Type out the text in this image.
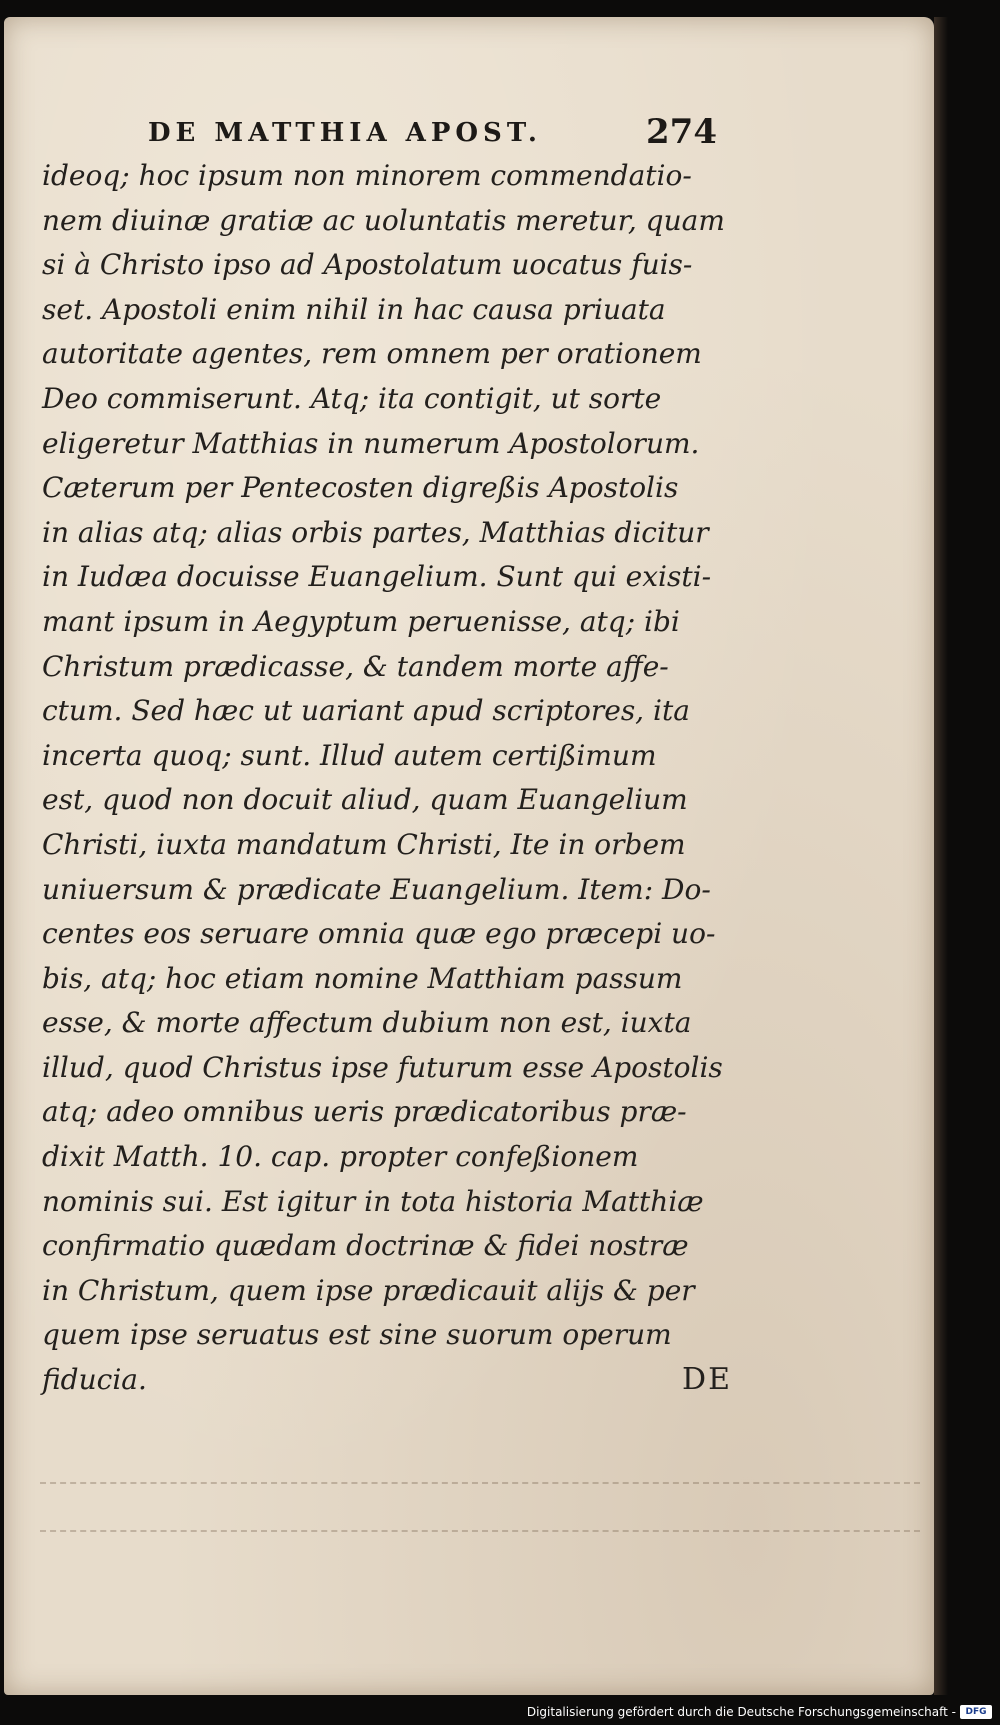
DE MATTHIA APOST.	274
ideoq; hoc ipsum non minorem commendatio-
nem diuinæ gratiæ ac uoluntatis meretur, quam
si à Christo ipso ad Apostolatum uocatus fuis-
set. Apostoli enim nihil in hac causa priuata
autoritate agentes, rem omnem per orationem
Deo commiserunt. Atq; ita contigit, ut sorte
eligeretur Matthias in numerum Apostolorum.
Cæterum per Pentecosten digreßis Apostolis
in alias atq; alias orbis partes, Matthias dicitur
in Iudæa docuisse Euangelium. Sunt qui existi-
mant ipsum in Aegyptum peruenisse, atq; ibi
Christum prædicasse, & tandem morte affe-
ctum. Sed hæc ut uariant apud scriptores, ita
incerta quoq; sunt. Illud autem certißimum
est, quod non docuit aliud, quam Euangelium
Christi, iuxta mandatum Christi, Ite in orbem
uniuersum & prædicate Euangelium. Item: Do-
centes eos seruare omnia quæ ego præcepi uo-
bis, atq; hoc etiam nomine Matthiam passum
esse, & morte affectum dubium non est, iuxta
illud, quod Christus ipse futurum esse Apostolis
atq; adeo omnibus ueris prædicatoribus præ-
dixit Matth. 10. cap. propter confeßionem
nominis sui. Est igitur in tota historia Matthiæ
confirmatio quædam doctrinæ & fidei nostræ
in Christum, quem ipse prædicauit alijs & per
quem ipse seruatus est sine suorum operum
fiducia.	DE
Digitalisierung gefördert durch die Deutsche Forschungsgemeinschaft -	DFG
